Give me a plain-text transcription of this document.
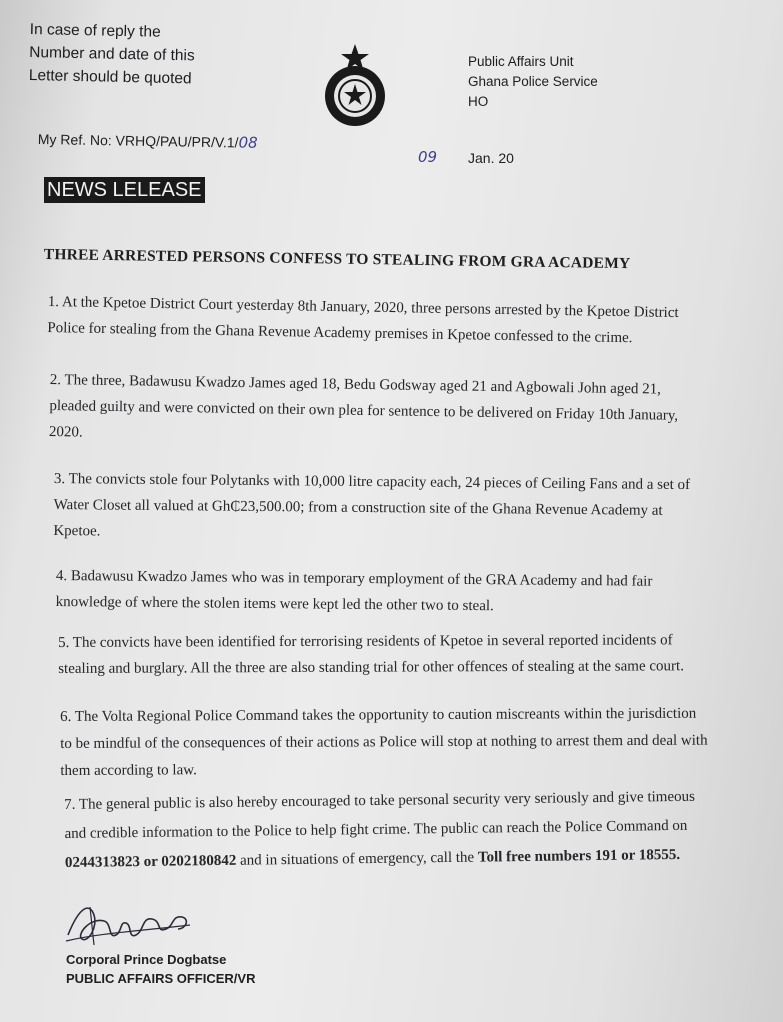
In case of reply the
Number and date of this
Letter should be quoted
Public Affairs Unit
Ghana Police Service
HO
My Ref. No: VRHQ/PAU/PR/V.1/08
09 Jan. 20
NEWS LELEASE
THREE ARRESTED PERSONS CONFESS TO STEALING FROM GRA ACADEMY
1. At the Kpetoe District Court yesterday 8th January, 2020, three persons arrested by the Kpetoe District
Police for stealing from the Ghana Revenue Academy premises in Kpetoe confessed to the crime.
2. The three, Badawusu Kwadzo James aged 18, Bedu Godsway aged 21 and Agbowali John aged 21,
pleaded guilty and were convicted on their own plea for sentence to be delivered on Friday 10th January,
2020.
3. The convicts stole four Polytanks with 10,000 litre capacity each, 24 pieces of Ceiling Fans and a set of
Water Closet all valued at Gh₵23,500.00; from a construction site of the Ghana Revenue Academy at
Kpetoe.
4. Badawusu Kwadzo James who was in temporary employment of the GRA Academy and had fair
knowledge of where the stolen items were kept led the other two to steal.
5. The convicts have been identified for terrorising residents of Kpetoe in several reported incidents of
stealing and burglary. All the three are also standing trial for other offences of stealing at the same court.
6. The Volta Regional Police Command takes the opportunity to caution miscreants within the jurisdiction
to be mindful of the consequences of their actions as Police will stop at nothing to arrest them and deal with
them according to law.
7. The general public is also hereby encouraged to take personal security very seriously and give timeous
and credible information to the Police to help fight crime. The public can reach the Police Command on
0244313823 or 0202180842 and in situations of emergency, call the Toll free numbers 191 or 18555.
Corporal Prince Dogbatse
PUBLIC AFFAIRS OFFICER/VR
